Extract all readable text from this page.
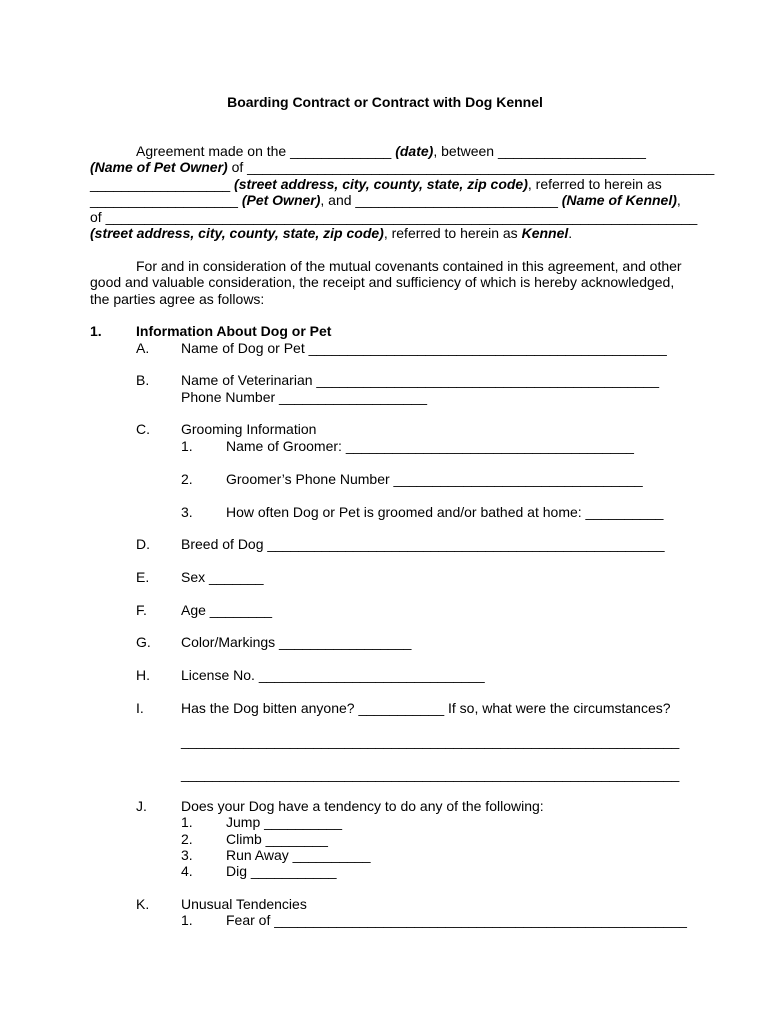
Boarding Contract or Contract with Dog Kennel
Agreement made on the _____________ (date), between ___________________
(Name of Pet Owner) of ____________________________________________________________
__________________ (street address, city, county, state, zip code), referred to herein as
___________________ (Pet Owner), and __________________________ (Name of Kennel),
of ____________________________________________________________________________
(street address, city, county, state, zip code), referred to herein as Kennel.
For and in consideration of the mutual covenants contained in this agreement, and other
good and valuable consideration, the receipt and sufficiency of which is hereby acknowledged,
the parties agree as follows:
1. Information About Dog or Pet
A. Name of Dog or Pet ______________________________________________
B. Name of Veterinarian ____________________________________________
Phone Number ___________________
C. Grooming Information
1. Name of Groomer: _____________________________________
2. Groomer’s Phone Number ________________________________
3. How often Dog or Pet is groomed and/or bathed at home: __________
D. Breed of Dog ___________________________________________________
E. Sex _______
F. Age ________
G. Color/Markings _________________
H. License No. _____________________________
I.	Has the Dog bitten anyone? ___________ If so, what were the circumstances?
________________________________________________________________
________________________________________________________________
J. Does your Dog have a tendency to do any of the following:
1. Jump __________
2. Climb ________
3. Run Away __________
4. Dig ___________
K. Unusual Tendencies
1. Fear of _____________________________________________________
